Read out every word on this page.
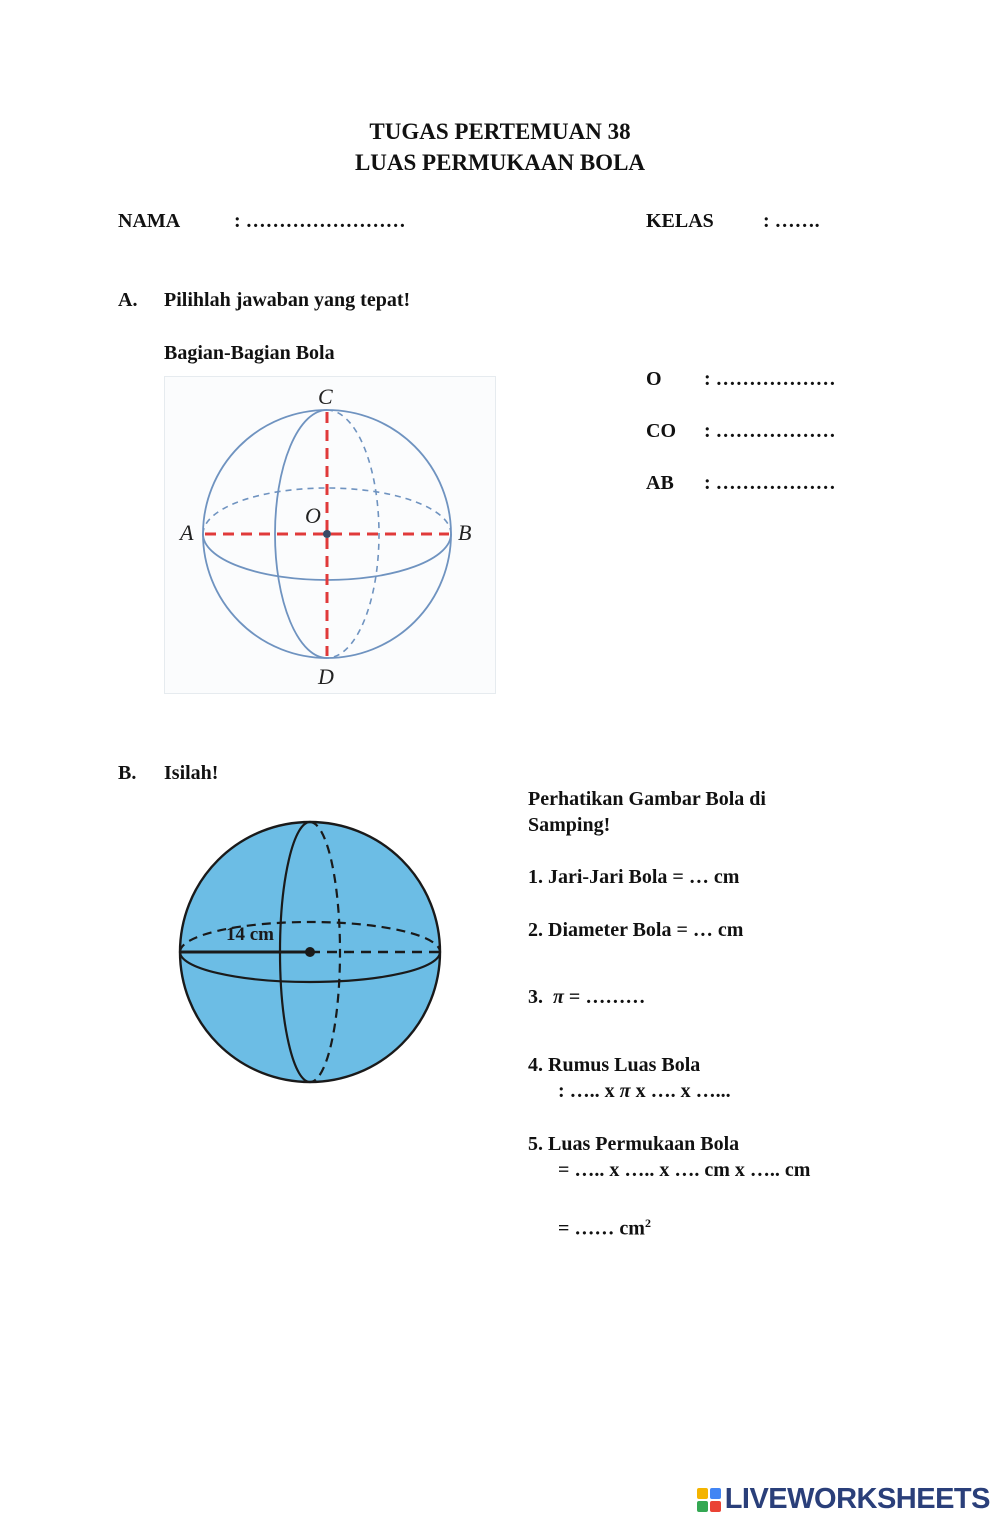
TUGAS PERTEMUAN 38
LUAS PERMUKAAN BOLA
NAMA	: ……………………	KELAS : …….
A. Pilihlah jawaban yang tepat!
Bagian-Bagian Bola
C
O
A	B
D
O : ………………
CO : ………………
AB : ………………
B. Isilah!
14 cm
Perhatikan Gambar Bola di
Samping!
1. Jari-Jari Bola = … cm
2. Diameter Bola = … cm
3. π = ………
4. Rumus Luas Bola
: ….. x π x …. x …...
5. Luas Permukaan Bola
= ….. x ….. x …. cm x ….. cm
= …… $cm^2$
LIVEWORKSHEETS
